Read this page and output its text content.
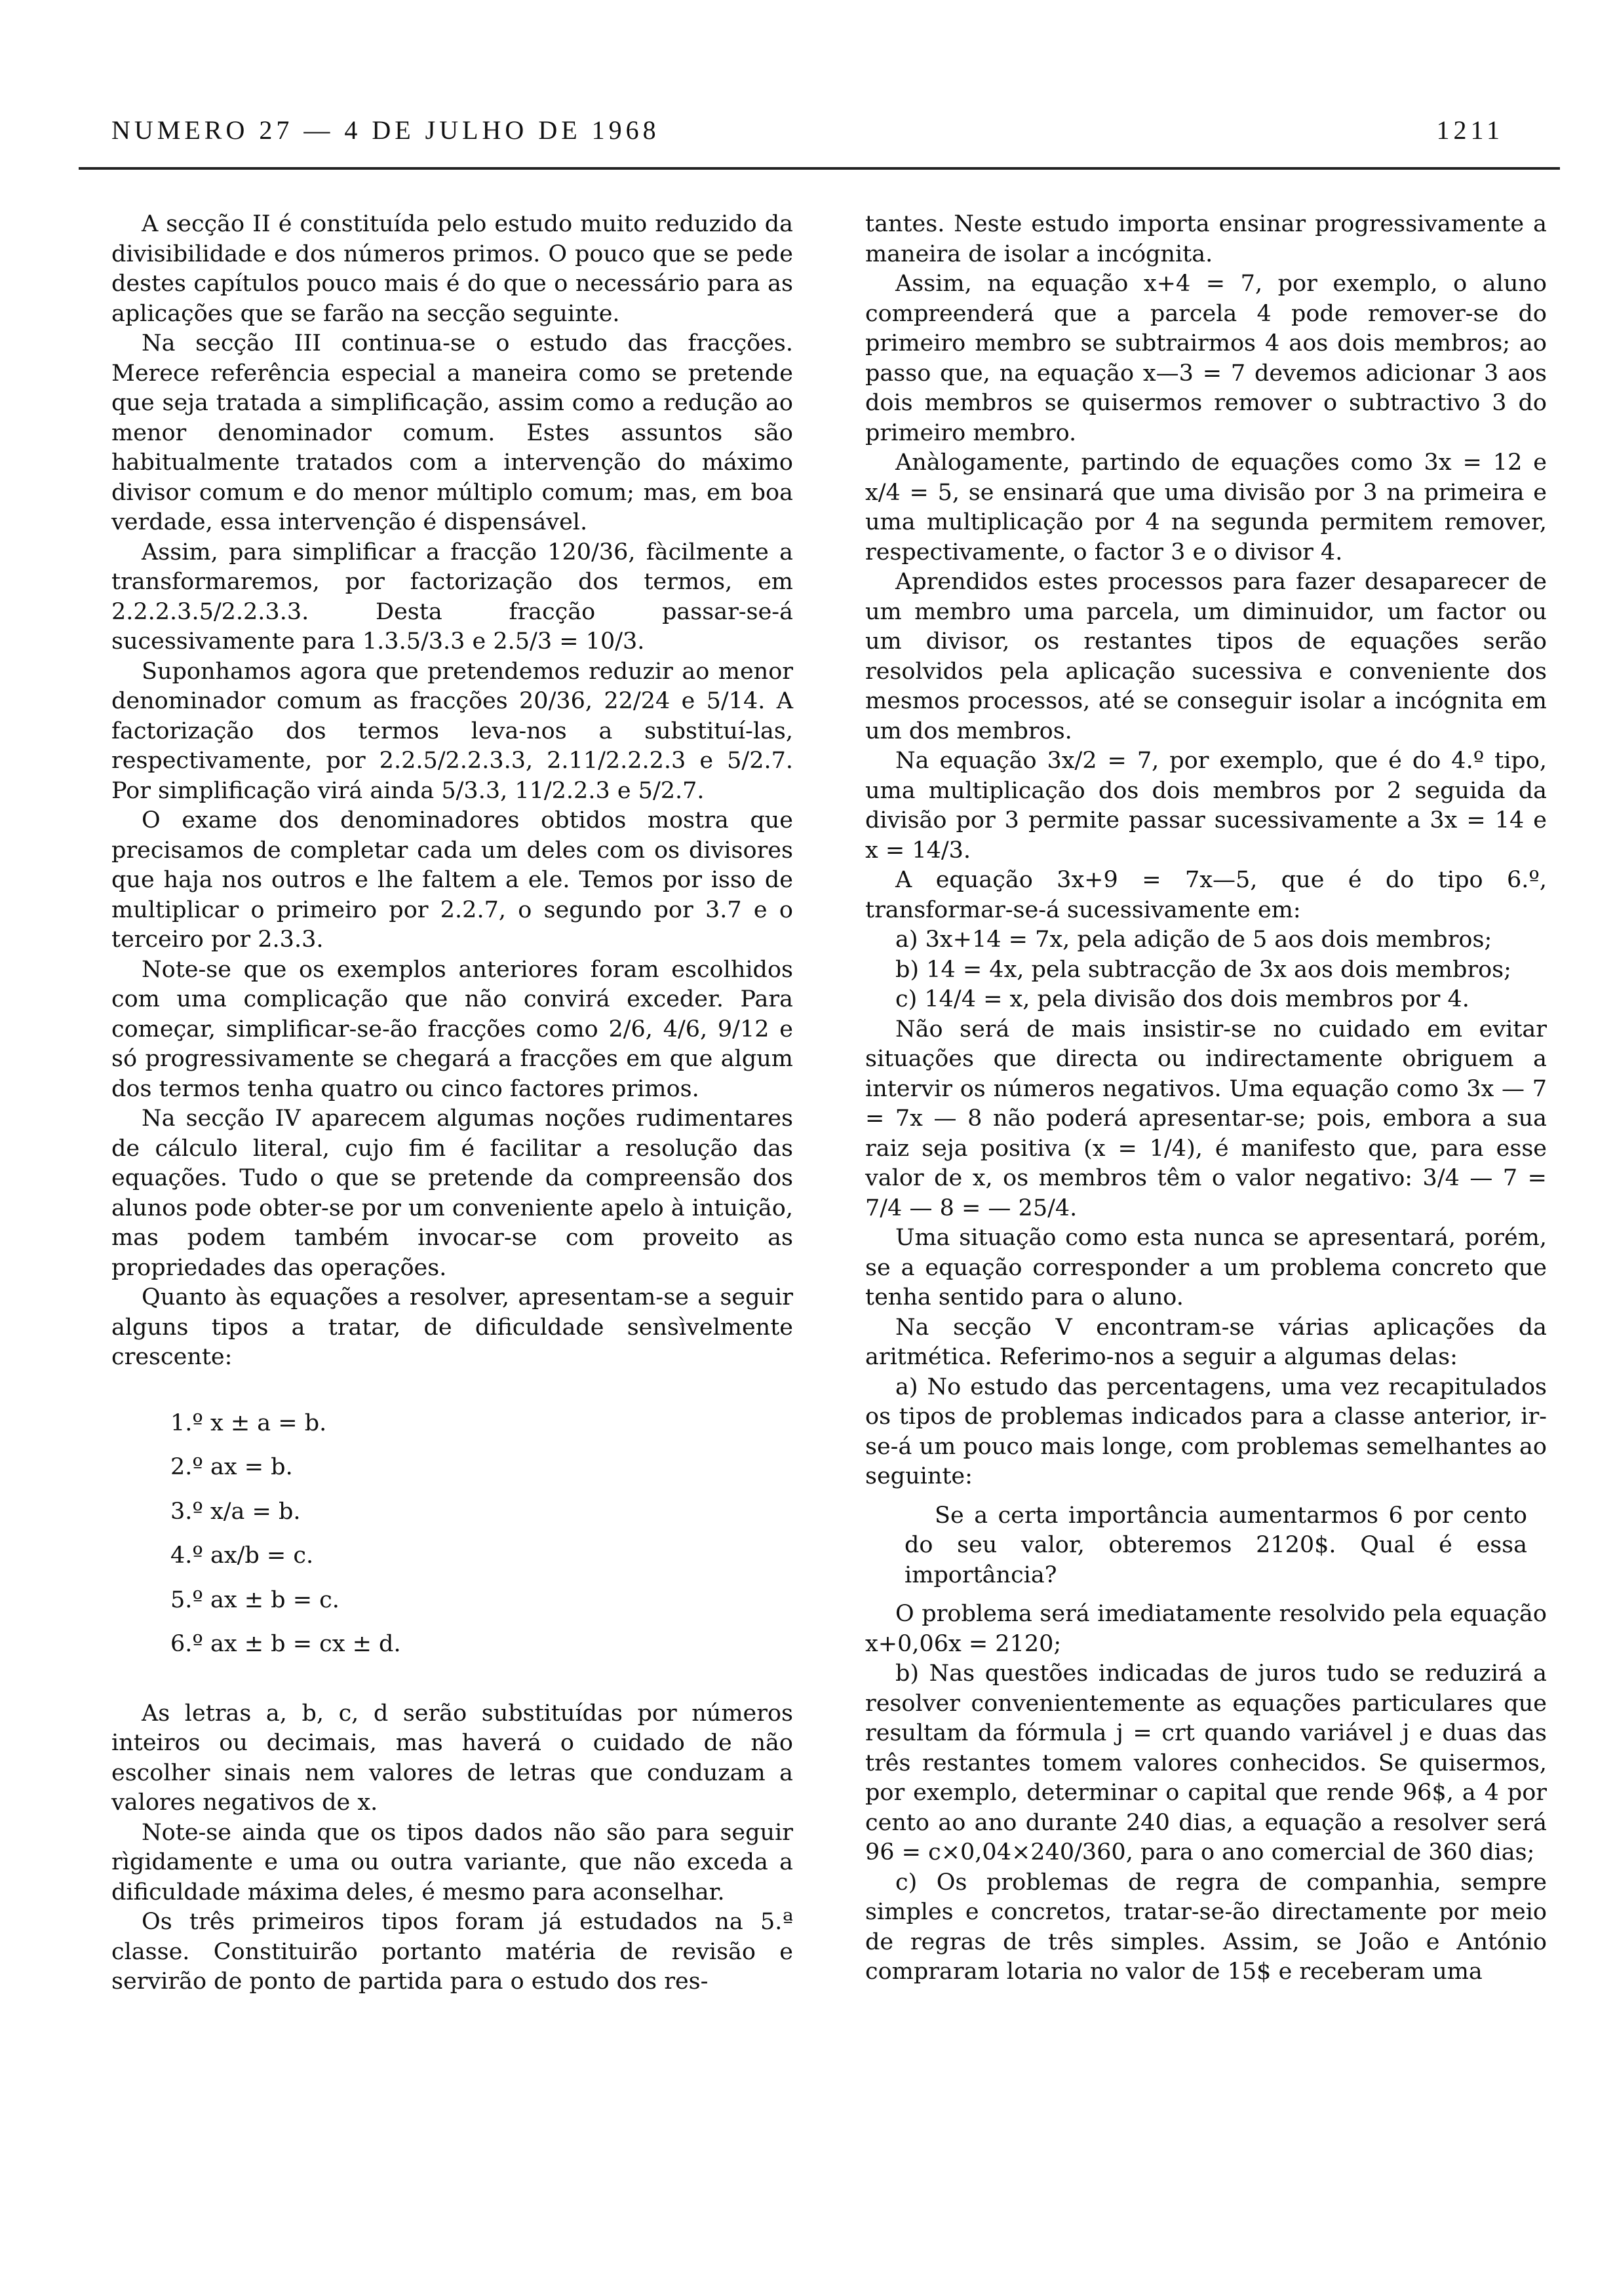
NUMERO 27 — 4 DE JULHO DE 1968	1211

A secção II é constituída pelo estudo muito reduzido da divisibilidade e dos números primos. O pouco que se pede destes capítulos pouco mais é do que o necessário para as aplicações que se farão na secção seguinte.

Na secção III continua-se o estudo das fracções. Merece referência especial a maneira como se pretende que seja tratada a simplificação, assim como a redução ao menor denominador comum. Estes assuntos são habitualmente tratados com a intervenção do máximo divisor comum e do menor múltiplo comum; mas, em boa verdade, essa intervenção é dispensável.

Assim, para simplificar a fracção 120/36, fàcilmente a transformaremos, por factorização dos termos, em 2.2.2.3.5/2.2.3.3. Desta fracção passar-se-á sucessivamente para 1.3.5/3.3 e 2.5/3 = 10/3.

Suponhamos agora que pretendemos reduzir ao menor denominador comum as fracções 20/36, 22/24 e 5/14. A factorização dos termos leva-nos a substituí-las, respectivamente, por 2.2.5/2.2.3.3, 2.11/2.2.2.3 e 5/2.7. Por simplificação virá ainda 5/3.3, 11/2.2.3 e 5/2.7.

O exame dos denominadores obtidos mostra que precisamos de completar cada um deles com os divisores que haja nos outros e lhe faltem a ele. Temos por isso de multiplicar o primeiro por 2.2.7, o segundo por 3.7 e o terceiro por 2.3.3.

Note-se que os exemplos anteriores foram escolhidos com uma complicação que não convirá exceder. Para começar, simplificar-se-ão fracções como 2/6, 4/6, 9/12 e só progressivamente se chegará a fracções em que algum dos termos tenha quatro ou cinco factores primos.

Na secção IV aparecem algumas noções rudimentares de cálculo literal, cujo fim é facilitar a resolução das equações. Tudo o que se pretende da compreensão dos alunos pode obter-se por um conveniente apelo à intuição, mas podem também invocar-se com proveito as propriedades das operações.

Quanto às equações a resolver, apresentam-se a seguir alguns tipos a tratar, de dificuldade sensìvelmente crescente:

1.º x ± a = b.
2.º ax = b.
3.º x/a = b.
4.º ax/b = c.
5.º ax ± b = c.
6.º ax ± b = cx ± d.

As letras a, b, c, d serão substituídas por números inteiros ou decimais, mas haverá o cuidado de não escolher sinais nem valores de letras que conduzam a valores negativos de x.

Note-se ainda que os tipos dados não são para seguir rìgidamente e uma ou outra variante, que não exceda a dificuldade máxima deles, é mesmo para aconselhar.

Os três primeiros tipos foram já estudados na 5.ª classe. Constituirão portanto matéria de revisão e servirão de ponto de partida para o estudo dos res-

tantes. Neste estudo importa ensinar progressivamente a maneira de isolar a incógnita.

Assim, na equação x+4 = 7, por exemplo, o aluno compreenderá que a parcela 4 pode remover-se do primeiro membro se subtrairmos 4 aos dois membros; ao passo que, na equação x—3 = 7 devemos adicionar 3 aos dois membros se quisermos remover o subtractivo 3 do primeiro membro.

Anàlogamente, partindo de equações como 3x = 12 e x/4 = 5, se ensinará que uma divisão por 3 na primeira e uma multiplicação por 4 na segunda permitem remover, respectivamente, o factor 3 e o divisor 4.

Aprendidos estes processos para fazer desaparecer de um membro uma parcela, um diminuidor, um factor ou um divisor, os restantes tipos de equações serão resolvidos pela aplicação sucessiva e conveniente dos mesmos processos, até se conseguir isolar a incógnita em um dos membros.

Na equação 3x/2 = 7, por exemplo, que é do 4.º tipo, uma multiplicação dos dois membros por 2 seguida da divisão por 3 permite passar sucessivamente a 3x = 14 e x = 14/3.

A equação 3x+9 = 7x—5, que é do tipo 6.º, transformar-se-á sucessivamente em:

a) 3x+14 = 7x, pela adição de 5 aos dois membros;

b) 14 = 4x, pela subtracção de 3x aos dois membros;

c) 14/4 = x, pela divisão dos dois membros por 4.

Não será de mais insistir-se no cuidado em evitar situações que directa ou indirectamente obriguem a intervir os números negativos. Uma equação como 3x — 7 = 7x — 8 não poderá apresentar-se; pois, embora a sua raiz seja positiva (x = 1/4), é manifesto que, para esse valor de x, os membros têm o valor negativo: 3/4 — 7 = 7/4 — 8 = — 25/4.

Uma situação como esta nunca se apresentará, porém, se a equação corresponder a um problema concreto que tenha sentido para o aluno.

Na secção V encontram-se várias aplicações da aritmética. Referimo-nos a seguir a algumas delas:

a) No estudo das percentagens, uma vez recapitulados os tipos de problemas indicados para a classe anterior, ir-se-á um pouco mais longe, com problemas semelhantes ao seguinte:

Se a certa importância aumentarmos 6 por cento do seu valor, obteremos 2120$. Qual é essa importância?

O problema será imediatamente resolvido pela equação x+0,06x = 2120;

b) Nas questões indicadas de juros tudo se reduzirá a resolver convenientemente as equações particulares que resultam da fórmula j = crt quando variável j e duas das três restantes tomem valores conhecidos. Se quisermos, por exemplo, determinar o capital que rende 96$, a 4 por cento ao ano durante 240 dias, a equação a resolver será 96 = c×0,04×240/360, para o ano comercial de 360 dias;

c) Os problemas de regra de companhia, sempre simples e concretos, tratar-se-ão directamente por meio de regras de três simples. Assim, se João e António compraram lotaria no valor de 15$ e receberam uma
